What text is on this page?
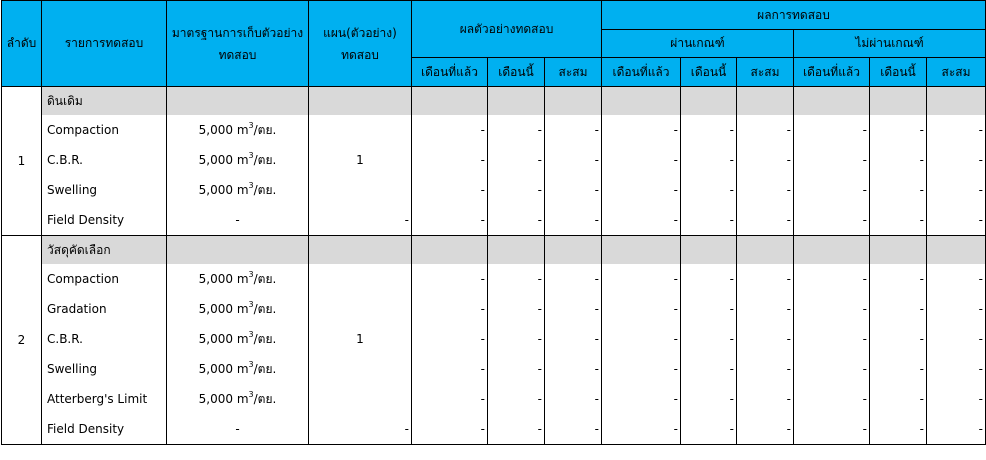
ลำดับ	รายการทดสอบ	มาตรฐานการเก็บตัวอย่างทดสอบ	แผน(ตัวอย่าง) ทดสอบ	ผลตัวอย่างทดสอบ			ผลการทดสอบ					
							ผ่านเกณฑ์			ไม่ผ่านเกณฑ์		
				เดือนที่แล้ว	เดือนนี้	สะสม	เดือนที่แล้ว	เดือนนี้	สะสม	เดือนที่แล้ว	เดือนนี้	สะสม
1	ดินเดิม											
	Compaction	5,000 $m^3/$ตย.		-	-	-	-	-	-	-	-	-
	C.B.R.	5,000 $m^3/$ตย.	1	-	-	-	-	-	-	-	-	-
	Swelling	5,000 $m^3/$ตย.		-	-	-	-	-	-	-	-	-
	Field Density	-	-	-	-	-	-	-	-	-	-	-
2	วัสดุคัดเลือก											
	Compaction	5,000 $m^3/$ตย.		-	-	-	-	-	-	-	-	-
	Gradation	5,000 $m^3/$ตย.		-	-	-	-	-	-	-	-	-
	C.B.R.	5,000 $m^3/$ตย.	1	-	-	-	-	-	-	-	-	-
	Swelling	5,000 $m^3/$ตย.		-	-	-	-	-	-	-	-	-
	Atterberg's Limit	5,000 $m^3/$ตย.		-	-	-	-	-	-	-	-	-
	Field Density	-	-	-	-	-	-	-	-	-	-	-
